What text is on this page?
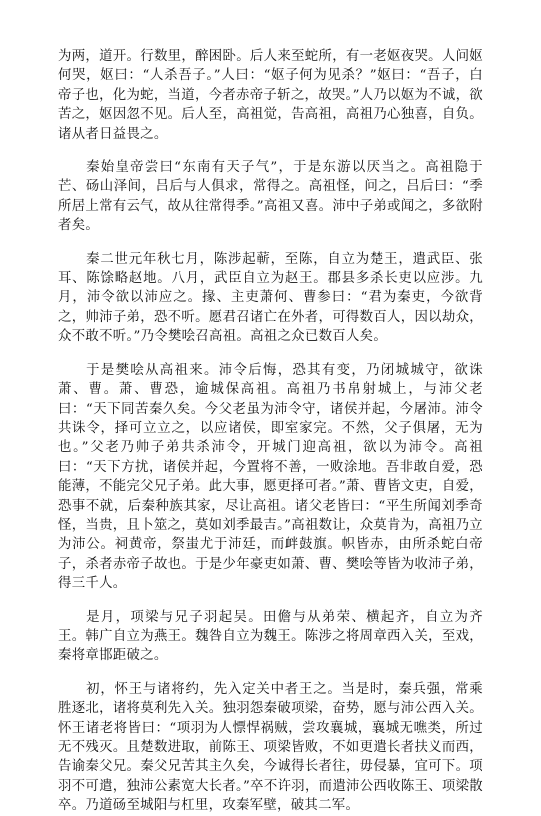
为两，道开。行数里，醉困卧。后人来至蛇所，有一老妪夜哭。人问妪何哭，妪曰：“人杀吾子。”人曰：“妪子何为见杀？”妪曰：“吾子，白帝子也，化为蛇，当道，今者赤帝子斩之，故哭。”人乃以妪为不诚，欲苦之，妪因忽不见。后人至，高祖觉，告高祖，高祖乃心独喜，自负。诸从者日益畏之。

秦始皇帝尝曰“东南有天子气”，于是东游以厌当之。高祖隐于芒、砀山泽间，吕后与人俱求，常得之。高祖怪，问之，吕后曰：“季所居上常有云气，故从往常得季。”高祖又喜。沛中子弟或闻之，多欲附者矣。

秦二世元年秋七月，陈涉起蕲，至陈，自立为楚王，遣武臣、张耳、陈馀略赵地。八月，武臣自立为赵王。郡县多杀长吏以应涉。九月，沛令欲以沛应之。掾、主吏萧何、曹参曰：“君为秦吏，今欲背之，帅沛子弟，恐不听。愿君召诸亡在外者，可得数百人，因以劫众，众不敢不听。”乃令樊哙召高祖。高祖之众已数百人矣。

于是樊哙从高祖来。沛令后悔，恐其有变，乃闭城城守，欲诛萧、曹。萧、曹恐，逾城保高祖。高祖乃书帛射城上，与沛父老曰：“天下同苦秦久矣。今父老虽为沛令守，诸侯并起，今屠沛。沛令共诛令，择可立立之，以应诸侯，即室家完。不然，父子俱屠，无为也。”父老乃帅子弟共杀沛令，开城门迎高祖，欲以为沛令。高祖曰：“天下方扰，诸侯并起，今置将不善，一败涂地。吾非敢自爱，恐能薄，不能完父兄子弟。此大事，愿更择可者。”萧、曹皆文吏，自爱，恐事不就，后秦种族其家，尽让高祖。诸父老皆曰：“平生所闻刘季奇怪，当贵，且卜筮之，莫如刘季最吉。”高祖数让，众莫肯为，高祖乃立为沛公。祠黄帝，祭蚩尤于沛廷，而衅鼓旗。帜皆赤，由所杀蛇白帝子，杀者赤帝子故也。于是少年豪吏如萧、曹、樊哙等皆为收沛子弟，得三千人。

是月，项梁与兄子羽起吴。田儋与从弟荣、横起齐，自立为齐王。韩广自立为燕王。魏咎自立为魏王。陈涉之将周章西入关，至戏，秦将章邯距破之。

初，怀王与诸将约，先入定关中者王之。当是时，秦兵强，常乘胜逐北，诸将莫利先入关。独羽怨秦破项梁，奋势，愿与沛公西入关。怀王诸老将皆曰：“项羽为人慓悍祸贼，尝攻襄城，襄城无噍类，所过无不残灭。且楚数进取，前陈王、项梁皆败，不如更遣长者扶义而西，告谕秦父兄。秦父兄苦其主久矣，今诚得长者往，毋侵暴，宜可下。项羽不可遣，独沛公素宽大长者。”卒不许羽，而遣沛公西收陈王、项梁散卒。乃道砀至城阳与杠里，攻秦军壁，破其二军。
